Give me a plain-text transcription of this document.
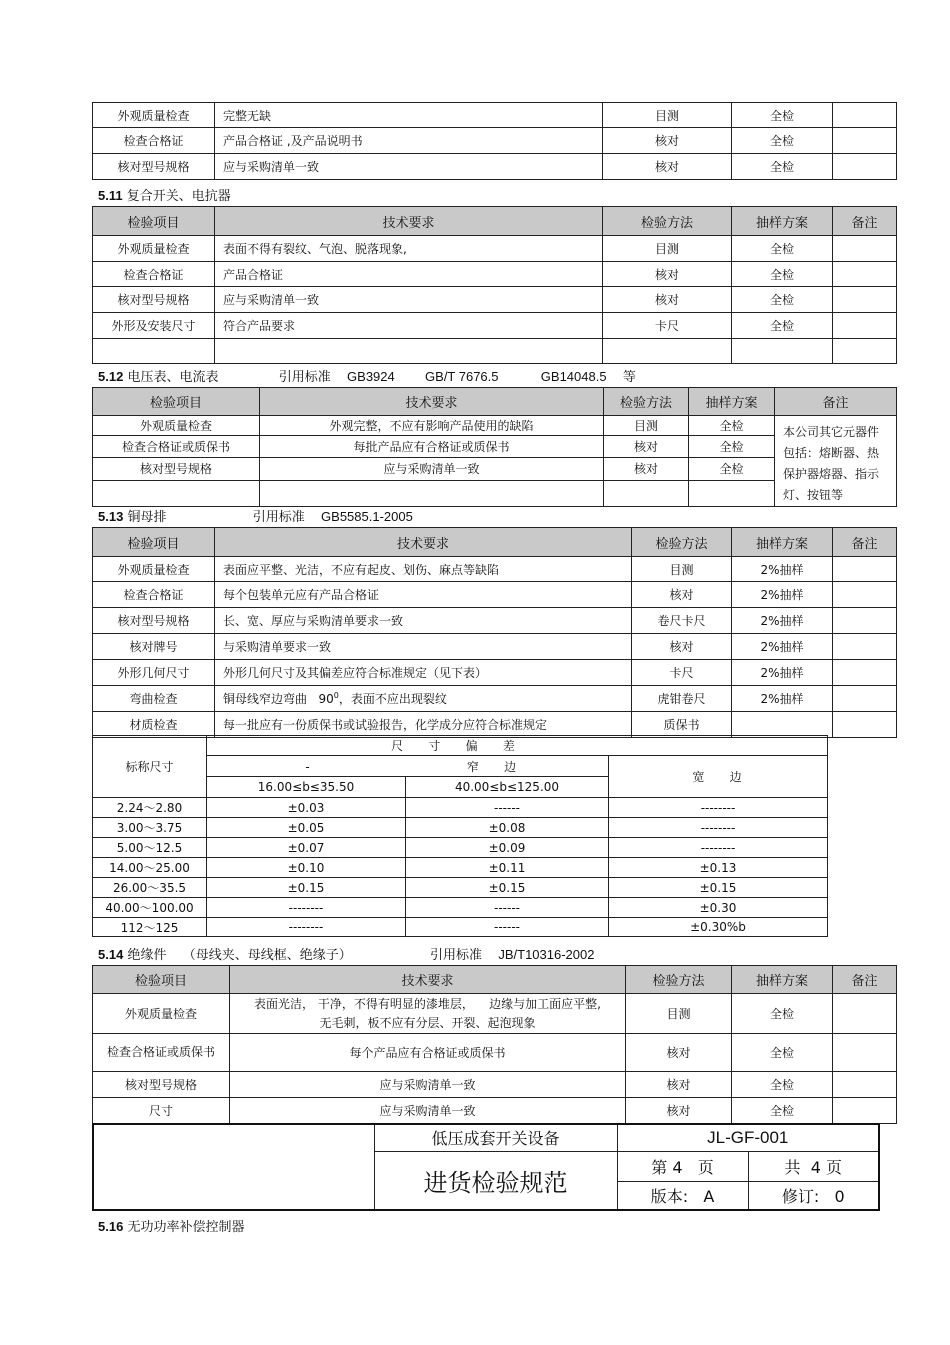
外观质量检查	完整无缺	目测	全检	
检查合格证	产品合格证 ,及产品说明书	核对	全检	
核对型号规格	应与采购清单一致	核对	全检	
5.11 复合开关、电抗器
检验项目	技术要求	检验方法	抽样方案	备注
外观质量检查	表面不得有裂纹、气泡、脱落现象,	目测	全检	
检查合格证	产品合格证	核对	全检	
核对型号规格	应与采购清单一致	核对	全检	
外形及安装尺寸	符合产品要求	卡尺	全检	

5.12 电压表、电流表	引用标准 GB3924 GB/T 7676.5	GB14048.5 等
检验项目	技术要求	检验方法	抽样方案	备注
外观质量检查	外观完整，不应有影响产品使用的缺陷	目测	全检	本公司其它元器件包括：熔断器、热保护器熔器、指示灯、按钮等
检查合格证或质保书	每批产品应有合格证或质保书	核对	全检	
核对型号规格	应与采购清单一致	核对	全检	

5.13 铜母排	引用标准 GB5585.1-2005
检验项目	技术要求	检验方法	抽样方案	备注
外观质量检查	表面应平整、光洁，不应有起皮、划伤、麻点等缺陷	目测	2%抽样	
检查合格证	每个包装单元应有产品合格证	核对	2%抽样	
核对型号规格	长、宽、厚应与采购清单要求一致	卷尺卡尺	2%抽样	
核对牌号	与采购清单要求一致	核对	2%抽样	
外形几何尺寸	外形几何尺寸及其偏差应符合标准规定（见下表）	卡尺	2%抽样	
弯曲检查	铜母线窄边弯曲   $90^0$，表面不应出现裂纹	虎钳卷尺	2%抽样	
材质检查	每一批应有一份质保书或试验报告，化学成分应符合标准规定	质保书		
标称尺寸	尺    寸    偏    差		
	- 窄    边		宽    边
	16.00≤b≤35.50	40.00≤b≤125.00	
2.24～2.80	±0.03	------	--------
3.00～3.75	±0.05	±0.08	--------
5.00～12.5	±0.07	±0.09	--------
14.00～25.00	±0.10	±0.11	±0.13
26.00～35.5	±0.15	±0.15	±0.15
40.00～100.00	--------	------	±0.30
112～125	--------	------	±0.30%b
5.14 绝缘件 （母线夹、母线框、绝缘子）	引用标准 JB/T10316-2002
检验项目	技术要求	检验方法	抽样方案	备注
外观质量检查	表面光洁， 干净，不得有明显的漆堆层，    边缘与加工面应平整,
无毛刺，板不应有分层、开裂、起泡现象	目测	全检	
检查合格证或质保书	每个产品应有合格证或质保书	核对	全检	
核对型号规格	应与采购清单一致	核对	全检	
尺寸	应与采购清单一致	核对	全检	
	低压成套开关设备	JL-GF-001	
	进货检验规范	第 4   页	共  4 页
		版本:   A	修订:   0
5.16 无功功率补偿控制器
